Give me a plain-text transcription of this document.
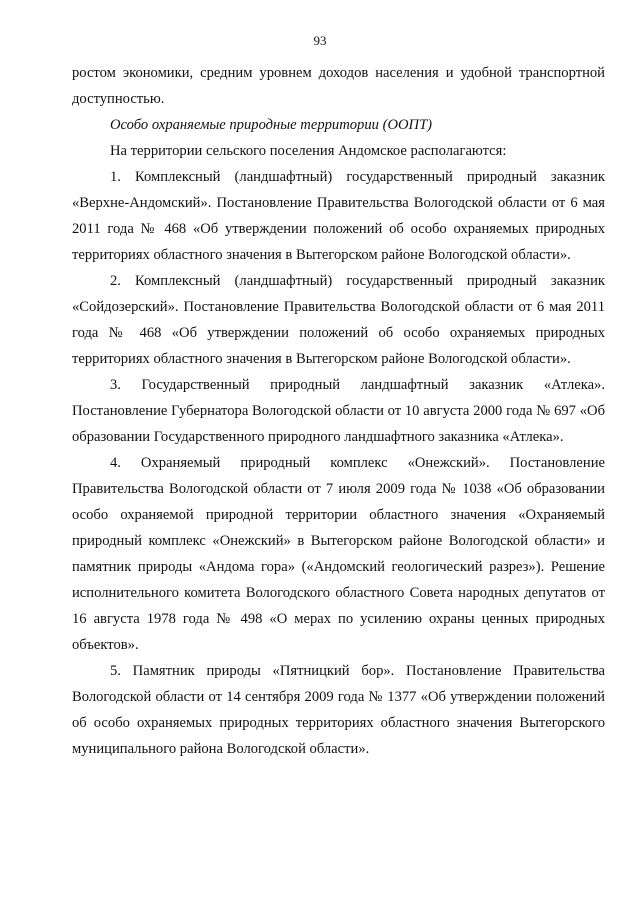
93

ростом экономики, средним уровнем доходов населения и удобной транспортной доступностью.

Особо охраняемые природные территории (ООПТ)

На территории сельского поселения Андомское располагаются:

1. Комплексный (ландшафтный) государственный природный заказник «Верхне-Андомский». Постановление Правительства Вологодской области от 6 мая 2011 года № 468 «Об утверждении положений об особо охраняемых природных территориях областного значения в Вытегорском районе Вологодской области».

2. Комплексный (ландшафтный) государственный природный заказник «Сойдозерский». Постановление Правительства Вологодской области от 6 мая 2011 года № 468 «Об утверждении положений об особо охраняемых природных территориях областного значения в Вытегорском районе Вологодской области».

3. Государственный природный ландшафтный заказник «Атлека». Постановление Губернатора Вологодской области от 10 августа 2000 года № 697 «Об образовании Государственного природного ландшафтного заказника «Атлека».

4. Охраняемый природный комплекс «Онежский». Постановление Правительства Вологодской области от 7 июля 2009 года № 1038 «Об образовании особо охраняемой природной территории областного значения «Охраняемый природный комплекс «Онежский» в Вытегорском районе Вологодской области» и памятник природы «Андома гора» («Андомский геологический разрез»). Решение исполнительного комитета Вологодского областного Совета народных депутатов от 16 августа 1978 года № 498 «О мерах по усилению охраны ценных природных объектов».

5. Памятник природы «Пятницкий бор». Постановление Правительства Вологодской области от 14 сентября 2009 года № 1377 «Об утверждении положений об особо охраняемых природных территориях областного значения Вытегорского муниципального района Вологодской области».
